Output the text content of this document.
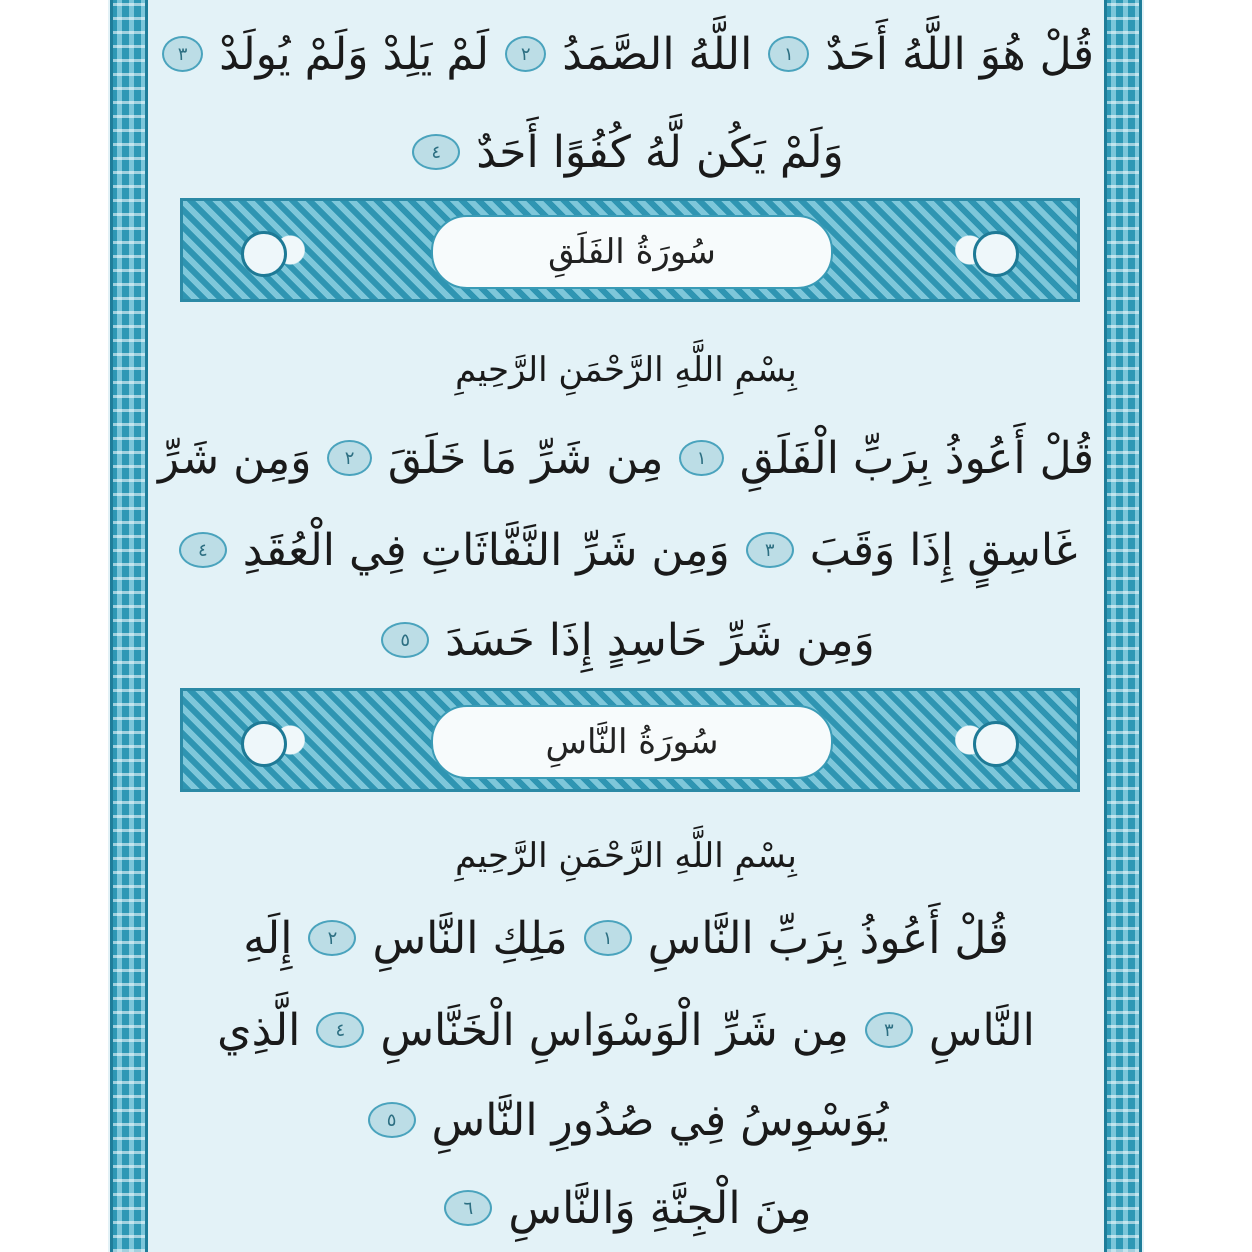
قُلْ هُوَ اللَّهُ أَحَدٌ
١
اللَّهُ الصَّمَدُ
٢
لَمْ يَلِدْ وَلَمْ يُولَدْ
٣
وَلَمْ يَكُن لَّهُ كُفُوًا أَحَدٌ
٤
سُورَةُ الفَلَقِ
بِسْمِ اللَّهِ الرَّحْمَنِ الرَّحِيمِ
قُلْ أَعُوذُ بِرَبِّ الْفَلَقِ
١
مِن شَرِّ مَا خَلَقَ
٢
وَمِن شَرِّ
غَاسِقٍ إِذَا وَقَبَ
٣
وَمِن شَرِّ النَّفَّاثَاتِ فِي الْعُقَدِ
٤
وَمِن شَرِّ حَاسِدٍ إِذَا حَسَدَ
٥
سُورَةُ النَّاسِ
بِسْمِ اللَّهِ الرَّحْمَنِ الرَّحِيمِ
قُلْ أَعُوذُ بِرَبِّ النَّاسِ
١
مَلِكِ النَّاسِ
٢
إِلَهِ
النَّاسِ
٣
مِن شَرِّ الْوَسْوَاسِ الْخَنَّاسِ
٤
الَّذِي
يُوَسْوِسُ فِي صُدُورِ النَّاسِ
٥
مِنَ الْجِنَّةِ وَالنَّاسِ
٦
